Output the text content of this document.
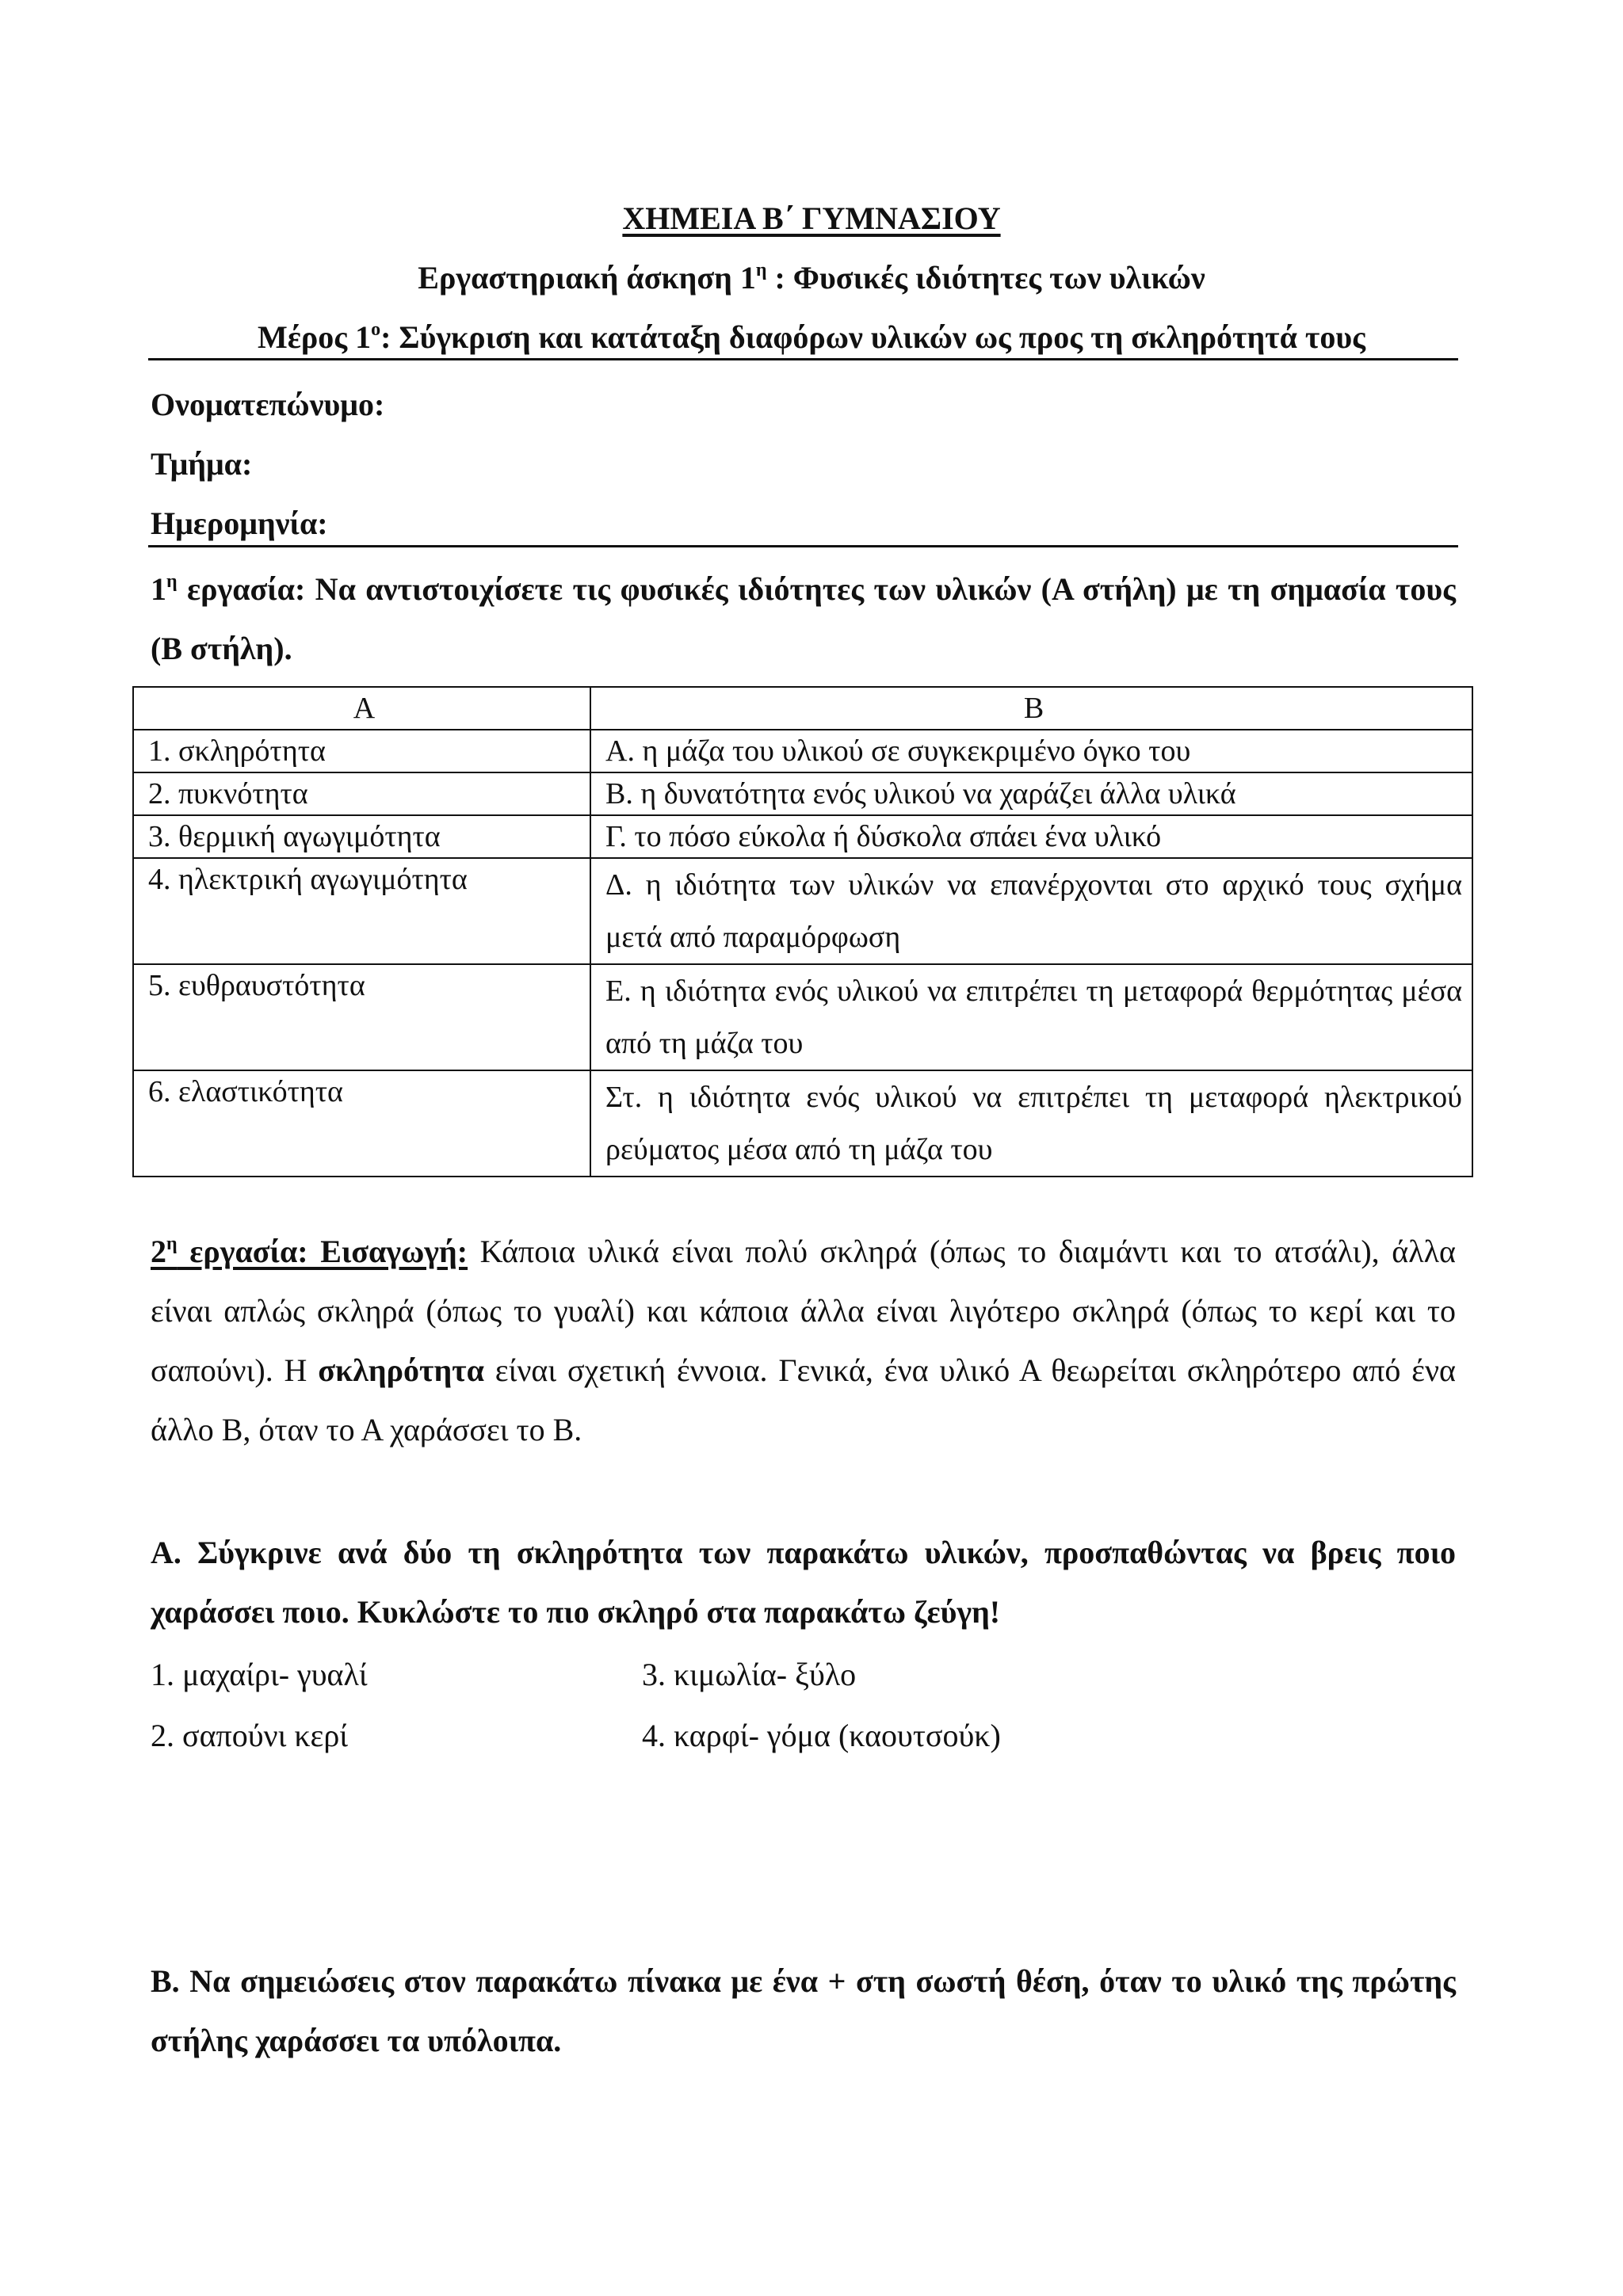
ΧΗΜΕΙΑ Β΄ ΓΥΜΝΑΣΙΟΥ
Εργαστηριακή άσκηση $1^\eta$ : Φυσικές ιδιότητες των υλικών
Μέρος $1^o$: Σύγκριση και κατάταξη διαφόρων υλικών ως προς τη σκληρότητά τους
Ονοματεπώνυμο:
Τμήμα:
Ημερομηνία:
$1^\eta$ εργασία: Να αντιστοιχίσετε τις φυσικές ιδιότητες των υλικών (Α στήλη) με τη σημασία τους (Β στήλη).
Α	Β
1. σκληρότητα	Α. η μάζα του υλικού σε συγκεκριμένο όγκο του
2. πυκνότητα	Β. η δυνατότητα ενός υλικού να χαράζει άλλα υλικά
3. θερμική αγωγιμότητα	Γ. το πόσο εύκολα ή δύσκολα σπάει ένα υλικό
4. ηλεκτρική αγωγιμότητα	Δ. η ιδιότητα των υλικών να επανέρχονται στο αρχικό τους σχήμα μετά από παραμόρφωση
5. ευθραυστότητα	Ε. η ιδιότητα ενός υλικού να επιτρέπει τη μεταφορά θερμότητας μέσα από τη μάζα του
6. ελαστικότητα	Στ. η ιδιότητα ενός υλικού να επιτρέπει τη μεταφορά ηλεκτρικού ρεύματος μέσα από τη μάζα του
$2^\eta$ εργασία: Εισαγωγή: Κάποια υλικά είναι πολύ σκληρά (όπως το διαμάντι και το ατσάλι), άλλα είναι απλώς σκληρά (όπως το γυαλί) και κάποια άλλα είναι λιγότερο σκληρά (όπως το κερί και το σαπούνι). Η σκληρότητα είναι σχετική έννοια. Γενικά, ένα υλικό Α θεωρείται σκληρότερο από ένα άλλο Β, όταν το Α χαράσσει το Β.
Α. Σύγκρινε ανά δύο τη σκληρότητα των παρακάτω υλικών, προσπαθώντας να βρεις ποιο χαράσσει ποιο. Κυκλώστε το πιο σκληρό στα παρακάτω ζεύγη!
1. μαχαίρι- γυαλί
2. σαπούνι κερί
3. κιμωλία- ξύλο
4. καρφί- γόμα (καουτσούκ)
Β. Να σημειώσεις στον παρακάτω πίνακα με ένα + στη σωστή θέση, όταν το υλικό της πρώτης στήλης χαράσσει τα υπόλοιπα.
